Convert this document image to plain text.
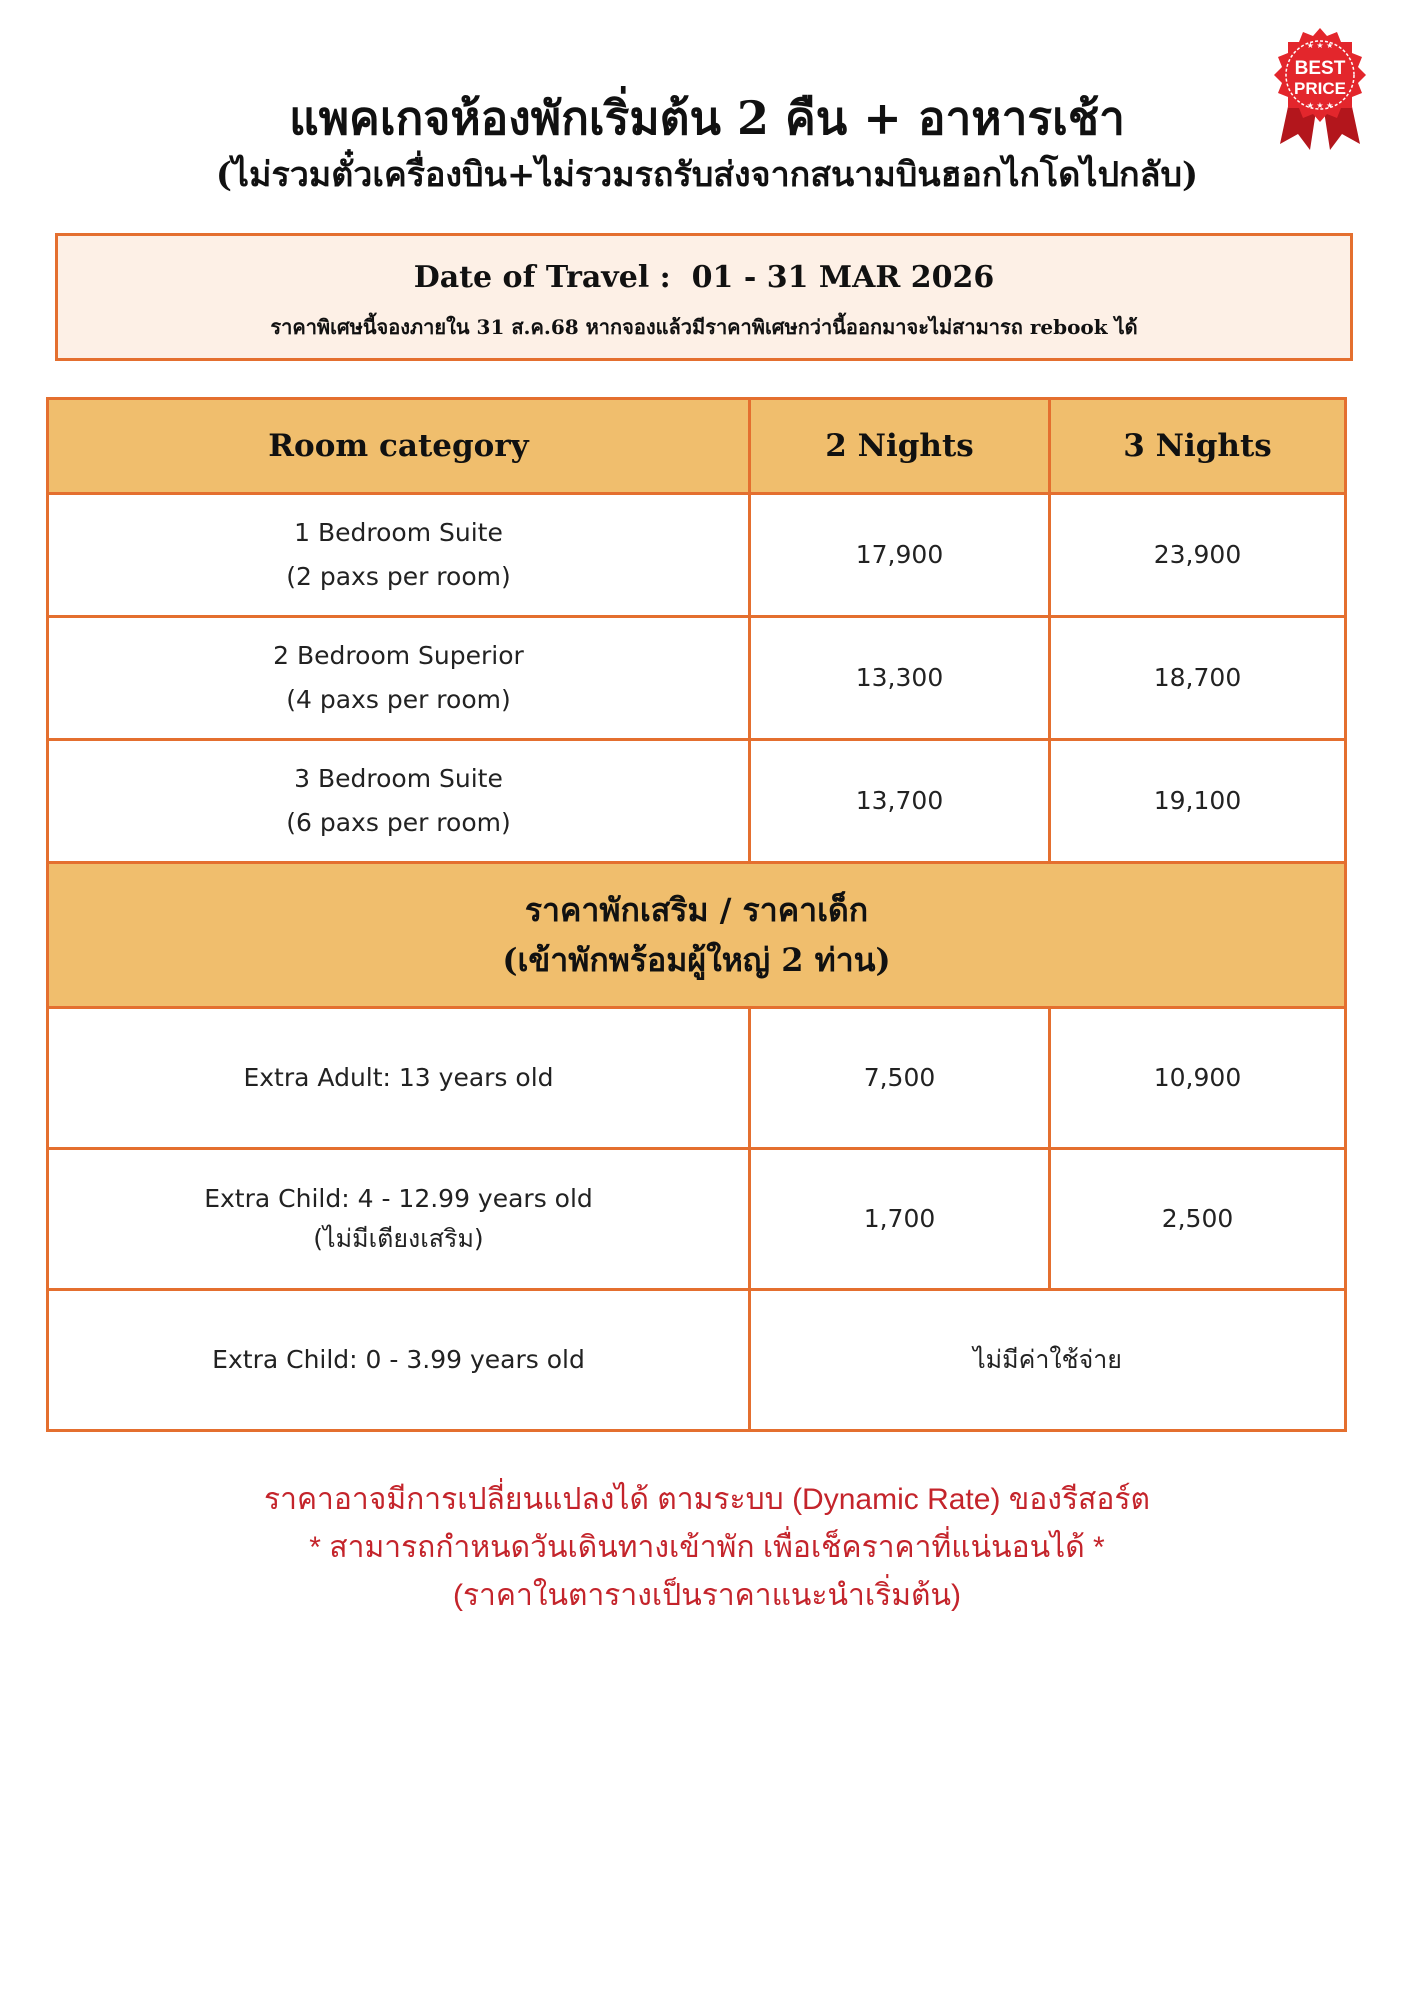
แพคเกจห้องพักเริ่มต้น 2 คืน + อาหารเช้า
(ไม่รวมตั๋วเครื่องบิน+ไม่รวมรถรับส่งจากสนามบินฮอกไกโดไปกลับ)
★ ★ ★
BEST
PRICE
★ ★ ★
Date of Travel : 01 - 31 MAR 2026
ราคาพิเศษนี้จองภายใน 31 ส.ค.68 หากจองแล้วมีราคาพิเศษกว่านี้ออกมาจะไม่สามารถ rebook ได้
Room category	2 Nights	3 Nights

1 Bedroom Suite
(2 paxs per room)	17,900	23,900

2 Bedroom Superior
(4 paxs per room)	13,300	18,700

3 Bedroom Suite
(6 paxs per room)	13,700	19,100

ราคาพักเสริม / ราคาเด็ก
(เข้าพักพร้อมผู้ใหญ่ 2 ท่าน)		

Extra Adult: 13 years old	7,500	10,900

Extra Child: 4 - 12.99 years old
(ไม่มีเตียงเสริม)	1,700	2,500

Extra Child: 0 - 3.99 years old	ไม่มีค่าใช้จ่าย	
ราคาอาจมีการเปลี่ยนแปลงได้ ตามระบบ (Dynamic Rate) ของรีสอร์ต
* สามารถกำหนดวันเดินทางเข้าพัก เพื่อเช็คราคาที่แน่นอนได้ *
(ราคาในตารางเป็นราคาแนะนำเริ่มต้น)
